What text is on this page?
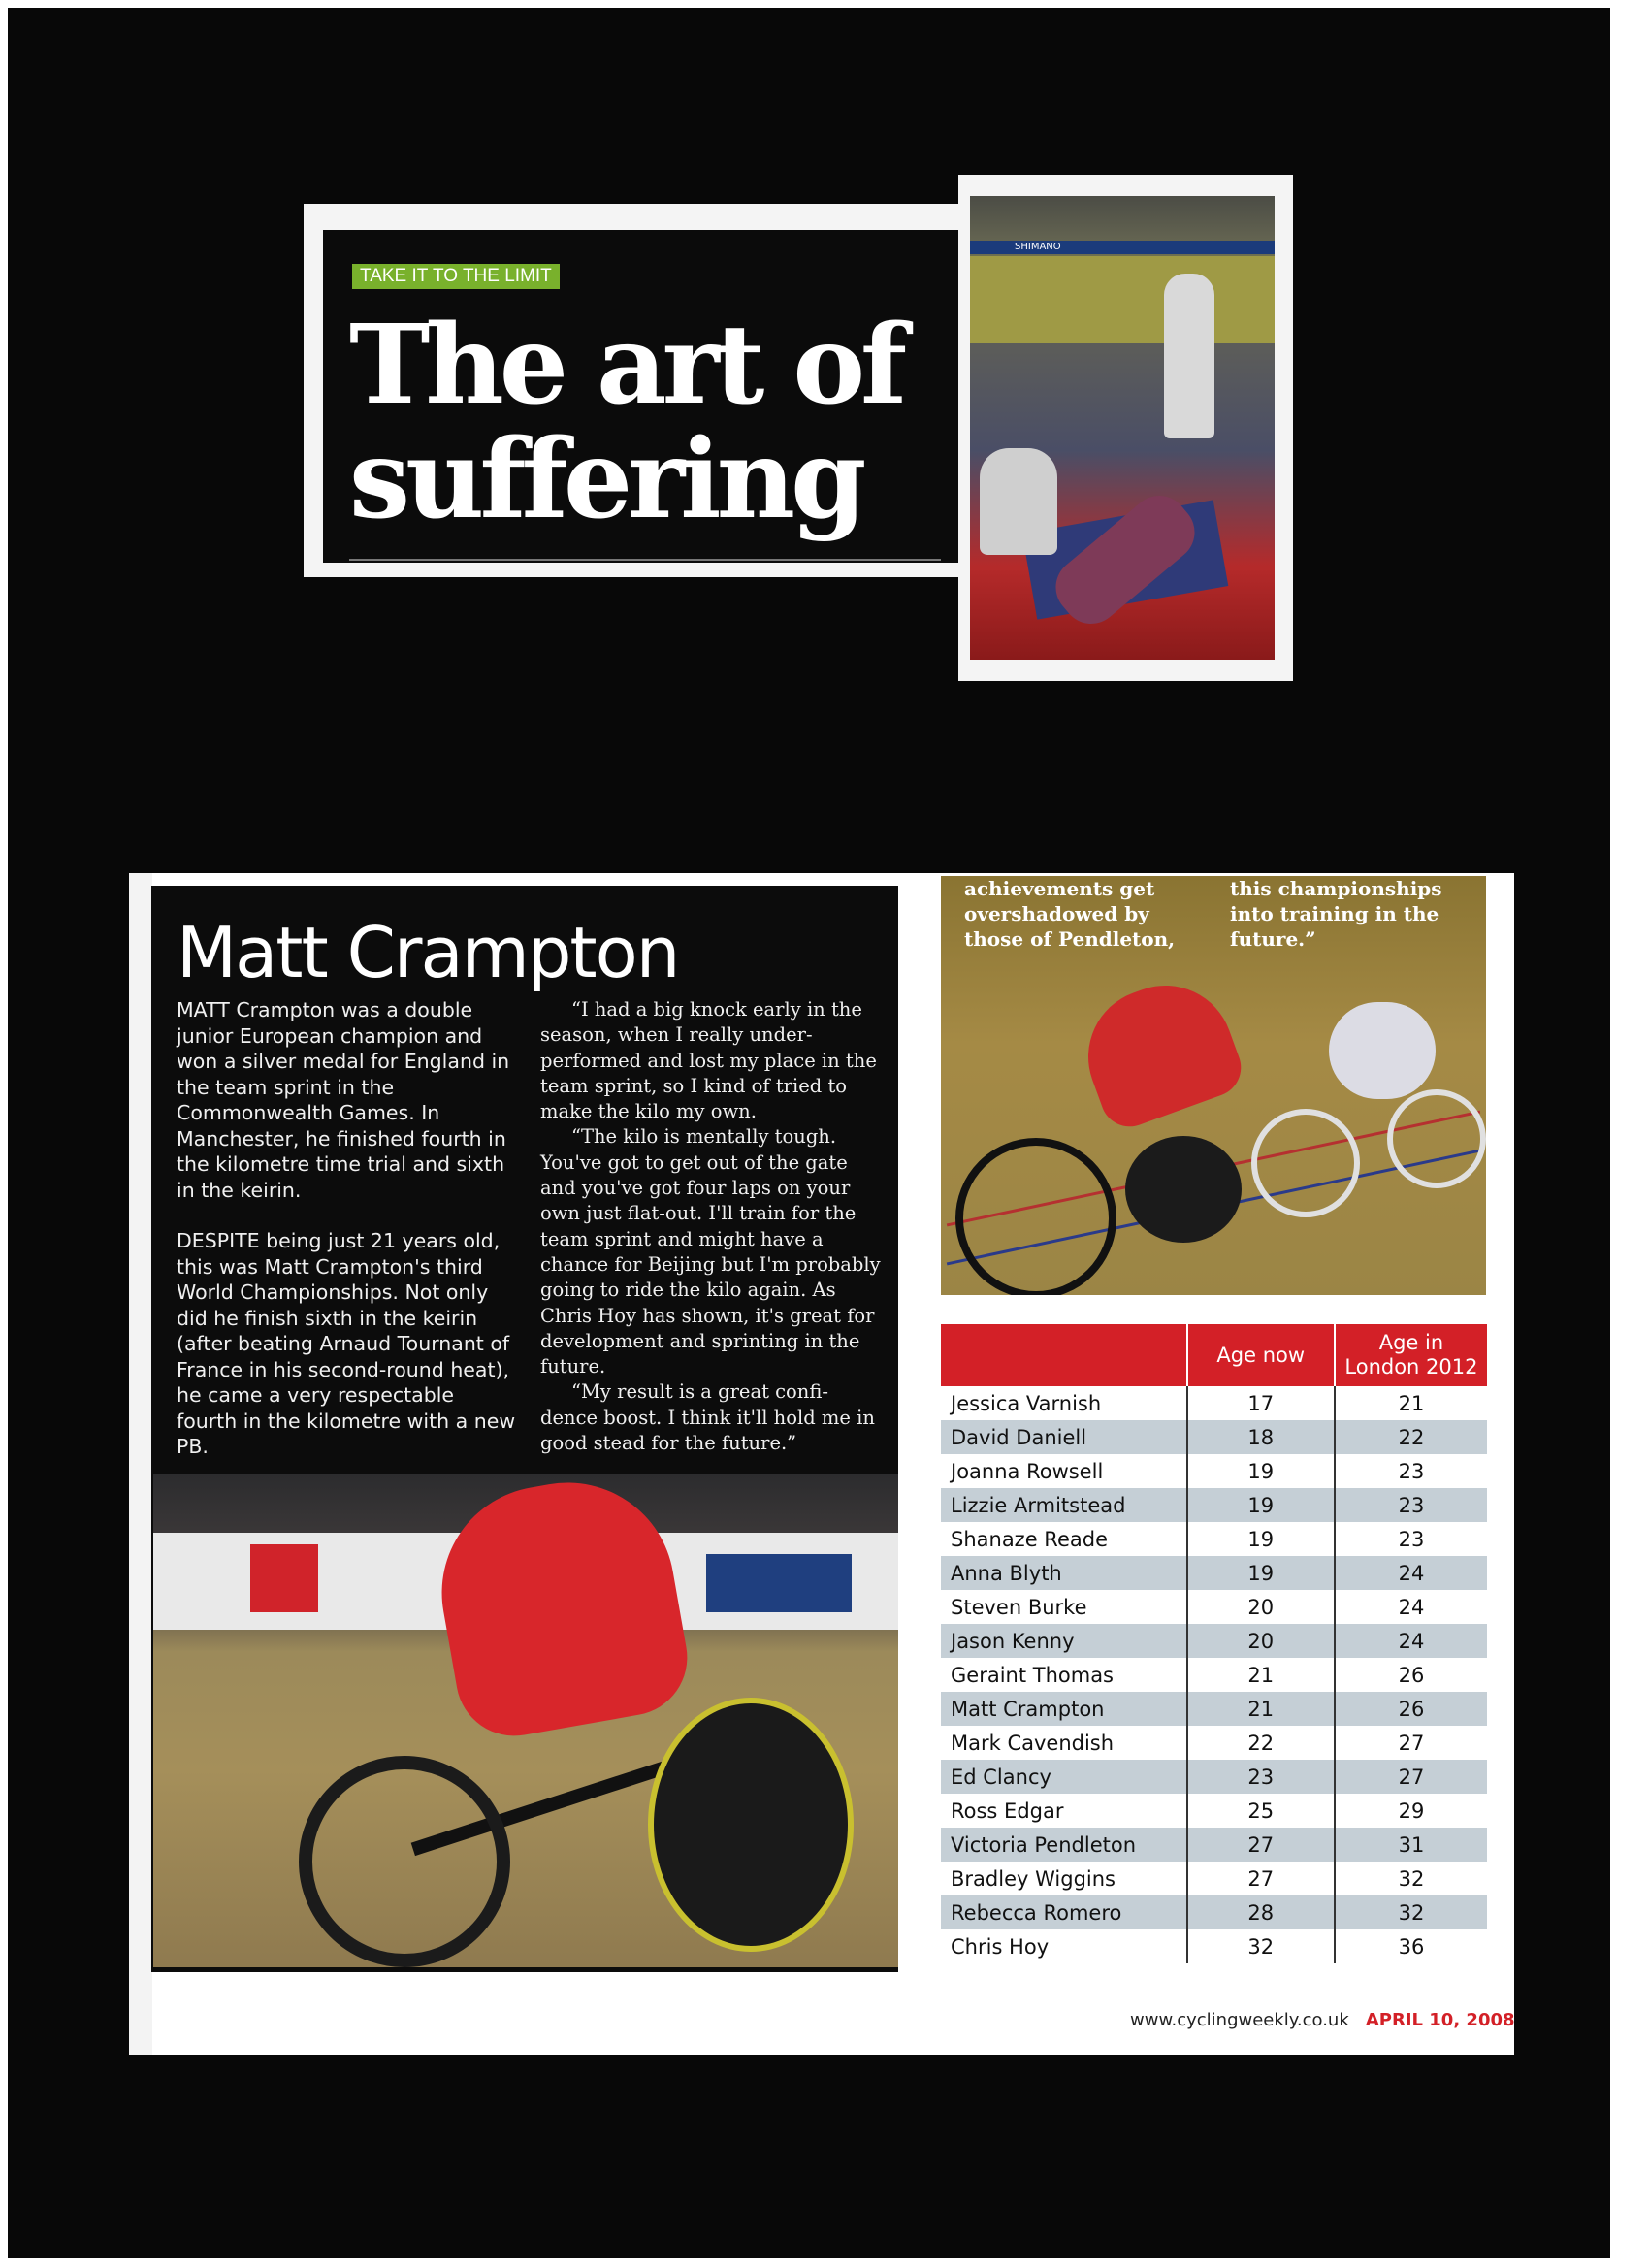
TAKE IT TO THE LIMIT
The art of
suffering
SHIMANO
Matt Crampton

MATT Crampton was a double junior European champion and won a silver medal for England in the team sprint in the Commonwealth Games. In Manchester, he finished fourth in the kilometre time trial and sixth in the keirin.

DESPITE being just 21 years old, this was Matt Crampton's third World Championships. Not only did he finish sixth in the keirin (after beating Arnaud Tournant of France in his second-round heat), he came a very respectable fourth in the kilometre with a new PB.

“I had a big knock early in the season, when I really under-performed and lost my place in the team sprint, so I kind of tried to make the kilo my own.

“The kilo is mentally tough. You've got to get out of the gate and you've got four laps on your own just flat-out. I'll train for the team sprint and might have a chance for Beijing but I'm probably going to ride the kilo again. As Chris Hoy has shown, it's great for development and sprinting in the future.

“My result is a great confi-dence boost. I think it'll hold me in good stead for the future.”

achievements get overshadowed by those of Pendleton,
this championships into training in the future.”
	Age now	Age in London 2012
Jessica Varnish	17	21
David Daniell	18	22
Joanna Rowsell	19	23
Lizzie Armitstead	19	23
Shanaze Reade	19	23
Anna Blyth	19	24
Steven Burke	20	24
Jason Kenny	20	24
Geraint Thomas	21	26
Matt Crampton	21	26
Mark Cavendish	22	27
Ed Clancy	23	27
Ross Edgar	25	29
Victoria Pendleton	27	31
Bradley Wiggins	27	32
Rebecca Romero	28	32
Chris Hoy	32	36
www.cyclingweekly.co.uk APRIL 10, 2008
